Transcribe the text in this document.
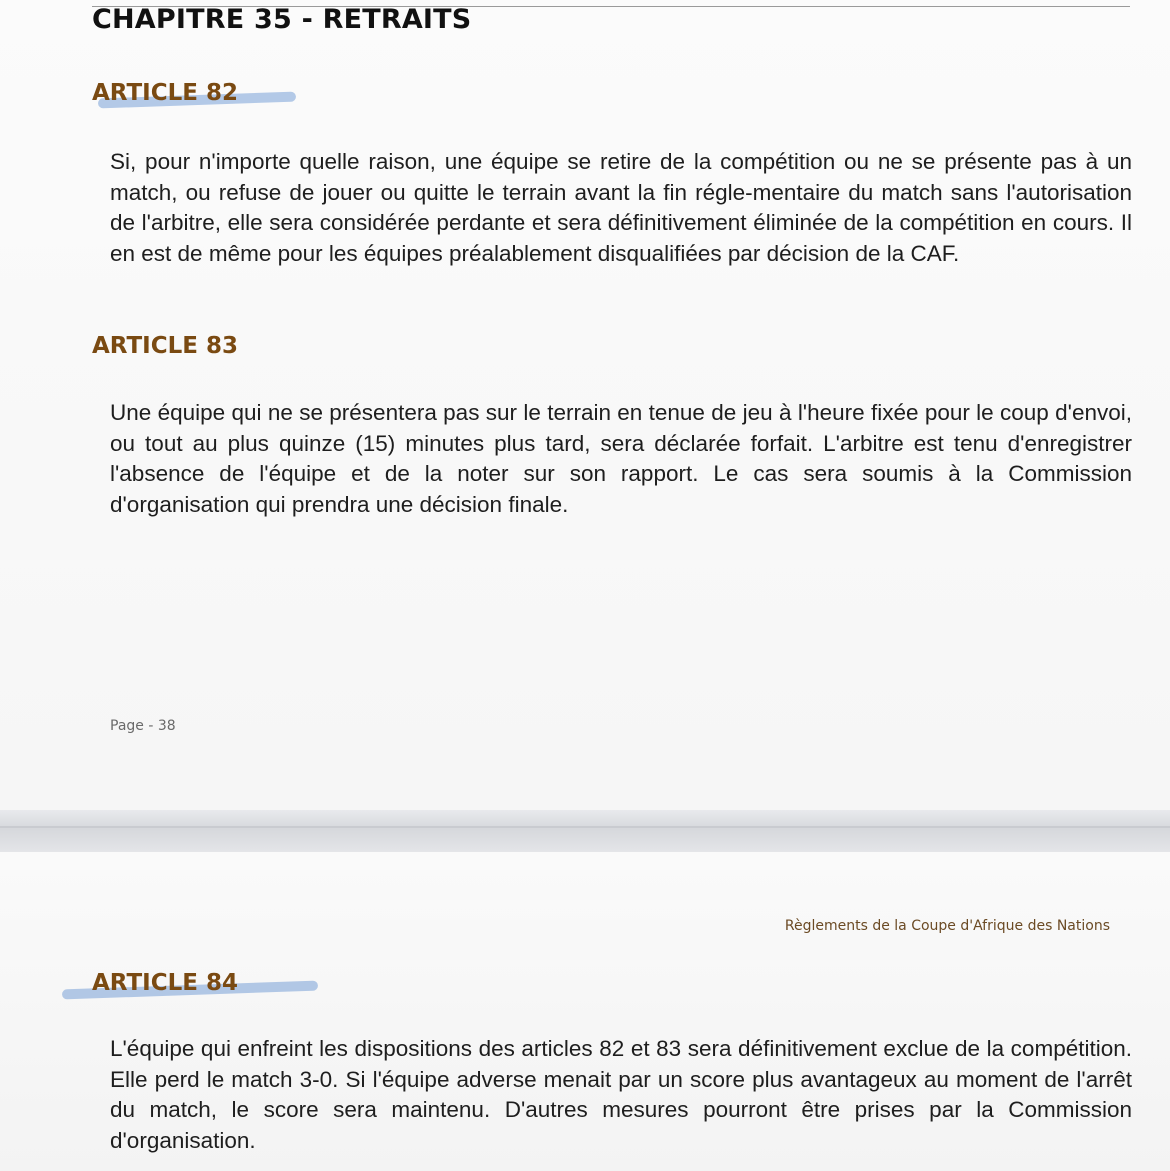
CHAPITRE 35 - RETRAITS
ARTICLE 82

Si, pour n'importe quelle raison, une équipe se retire de la compétition ou ne se présente pas à un match, ou refuse de jouer ou quitte le terrain avant la fin régle-mentaire du match sans l'autorisation de l'arbitre, elle sera considérée perdante et sera définitivement éliminée de la compétition en cours. Il en est de même pour les équipes préalablement disqualifiées par décision de la CAF.

ARTICLE 83

Une équipe qui ne se présentera pas sur le terrain en tenue de jeu à l'heure fixée pour le coup d'envoi, ou tout au plus quinze (15) minutes plus tard, sera déclarée forfait. L'arbitre est tenu d'enregistrer l'absence de l'équipe et de la noter sur son rapport. Le cas sera soumis à la Commission d'organisation qui prendra une décision finale.

Page - 38
Règlements de la Coupe d'Afrique des Nations
ARTICLE 84

L'équipe qui enfreint les dispositions des articles 82 et 83 sera définitivement exclue de la compétition. Elle perd le match 3-0. Si l'équipe adverse menait par un score plus avantageux au moment de l'arrêt du match, le score sera maintenu. D'autres mesures pourront être prises par la Commission d'organisation.
